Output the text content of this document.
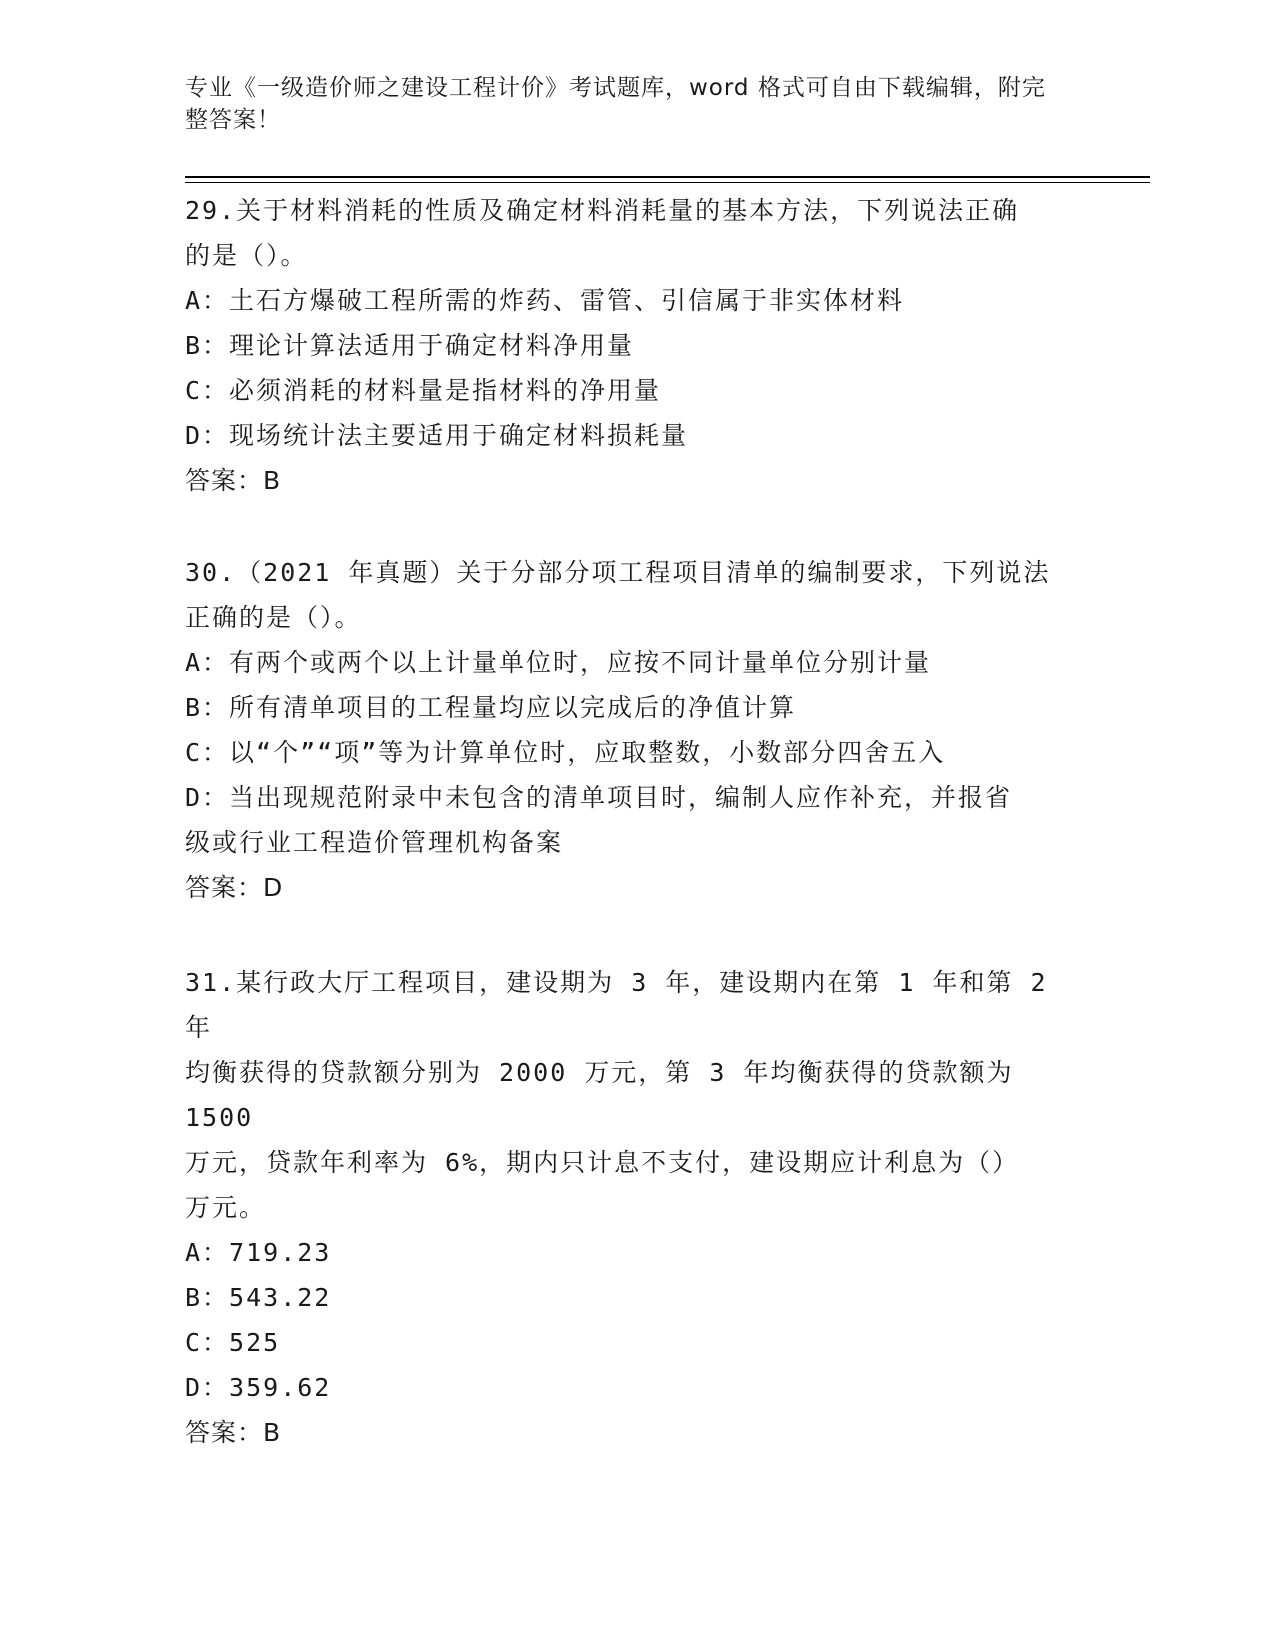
专业《一级造价师之建设工程计价》考试题库，word 格式可自由下载编辑，附完
整答案！

29.关于材料消耗的性质及确定材料消耗量的基本方法，下列说法正确

的是（）。

A：土石方爆破工程所需的炸药、雷管、引信属于非实体材料

B：理论计算法适用于确定材料净用量

C：必须消耗的材料量是指材料的净用量

D：现场统计法主要适用于确定材料损耗量

答案：B

30.（2021 年真题）关于分部分项工程项目清单的编制要求，下列说法

正确的是（）。

A：有两个或两个以上计量单位时，应按不同计量单位分别计量

B：所有清单项目的工程量均应以完成后的净值计算

C：以“个”“项”等为计算单位时，应取整数，小数部分四舍五入

D：当出现规范附录中未包含的清单项目时，编制人应作补充，并报省

级或行业工程造价管理机构备案

答案：D

31.某行政大厅工程项目，建设期为 3 年，建设期内在第 1 年和第 2 年

均衡获得的贷款额分别为 2000 万元，第 3 年均衡获得的贷款额为 1500

万元，贷款年利率为 6%，期内只计息不支付，建设期应计利息为（）

万元。

A：719.23

B：543.22

C：525

D：359.62

答案：B
